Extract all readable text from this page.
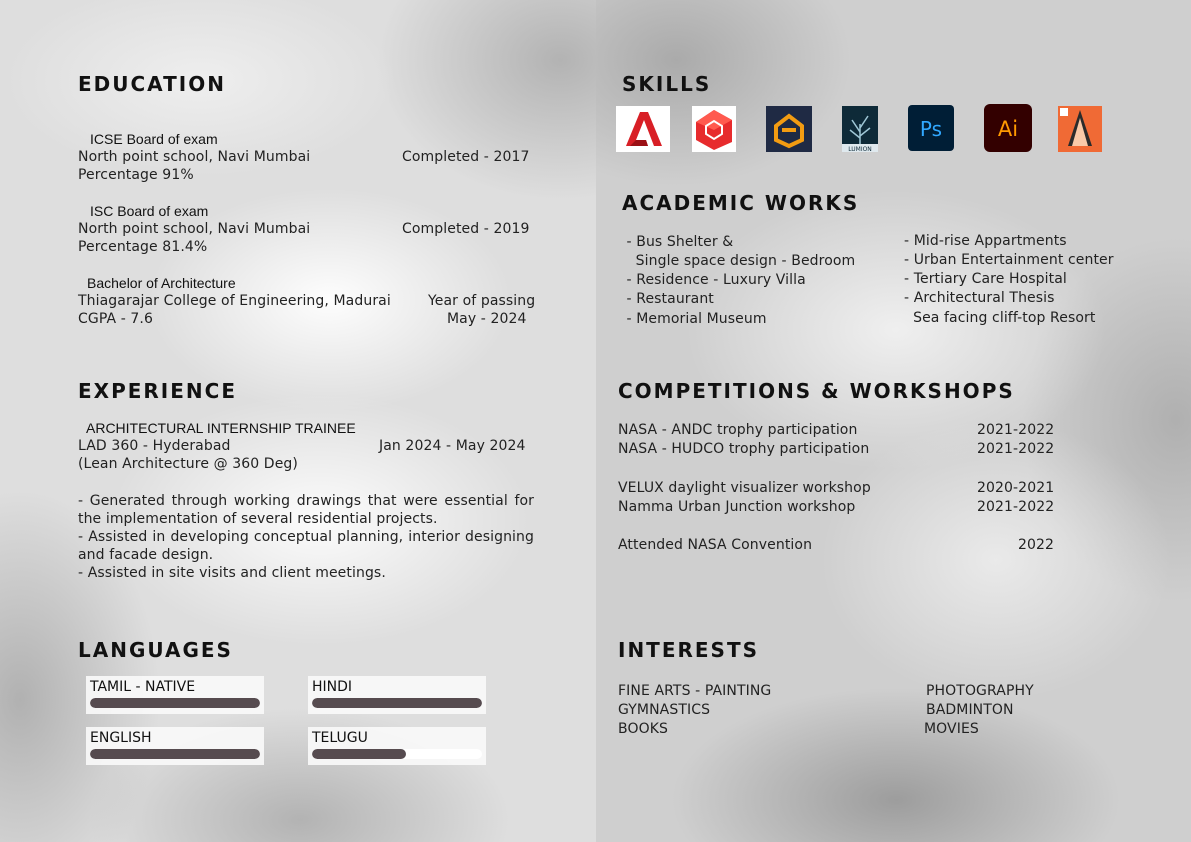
EDUCATION
ICSE Board of exam
North point school, Navi Mumbai	Completed - 2017
Percentage 91%
ISC Board of exam
North point school, Navi Mumbai	Completed - 2019
Percentage 81.4%
Bachelor of Architecture
Thiagarajar College of Engineering, Madurai	Year of passing
CGPA - 7.6	May - 2024
EXPERIENCE
ARCHITECTURAL INTERNSHIP TRAINEE
LAD 360 - Hyderabad	Jan 2024 - May 2024
(Lean Architecture @ 360 Deg)
- Generated through working drawings that were essential for the implementation of several residential projects.
- Assisted in developing conceptual planning, interior designing and facade design.
- Assisted in site visits and client meetings.
LANGUAGES
TAMIL - NATIVE	HINDI
ENGLISH	TELUGU
SKILLS
LUMION
Ps	Ai
ACADEMIC WORKS
- Bus Shelter &
Single space design - Bedroom
- Residence - Luxury Villa
- Restaurant
- Memorial Museum
- Mid-rise Appartments
- Urban Entertainment center
- Tertiary Care Hospital
- Architectural Thesis
Sea facing cliff-top Resort
COMPETITIONS & WORKSHOPS
NASA - ANDC trophy participation	2021-2022
NASA - HUDCO trophy participation	2021-2022
VELUX daylight visualizer workshop	2020-2021
Namma Urban Junction workshop	2021-2022
Attended NASA Convention	2022
INTERESTS
FINE ARTS - PAINTING
GYMNASTICS
BOOKS
PHOTOGRAPHY
BADMINTON
MOVIES
